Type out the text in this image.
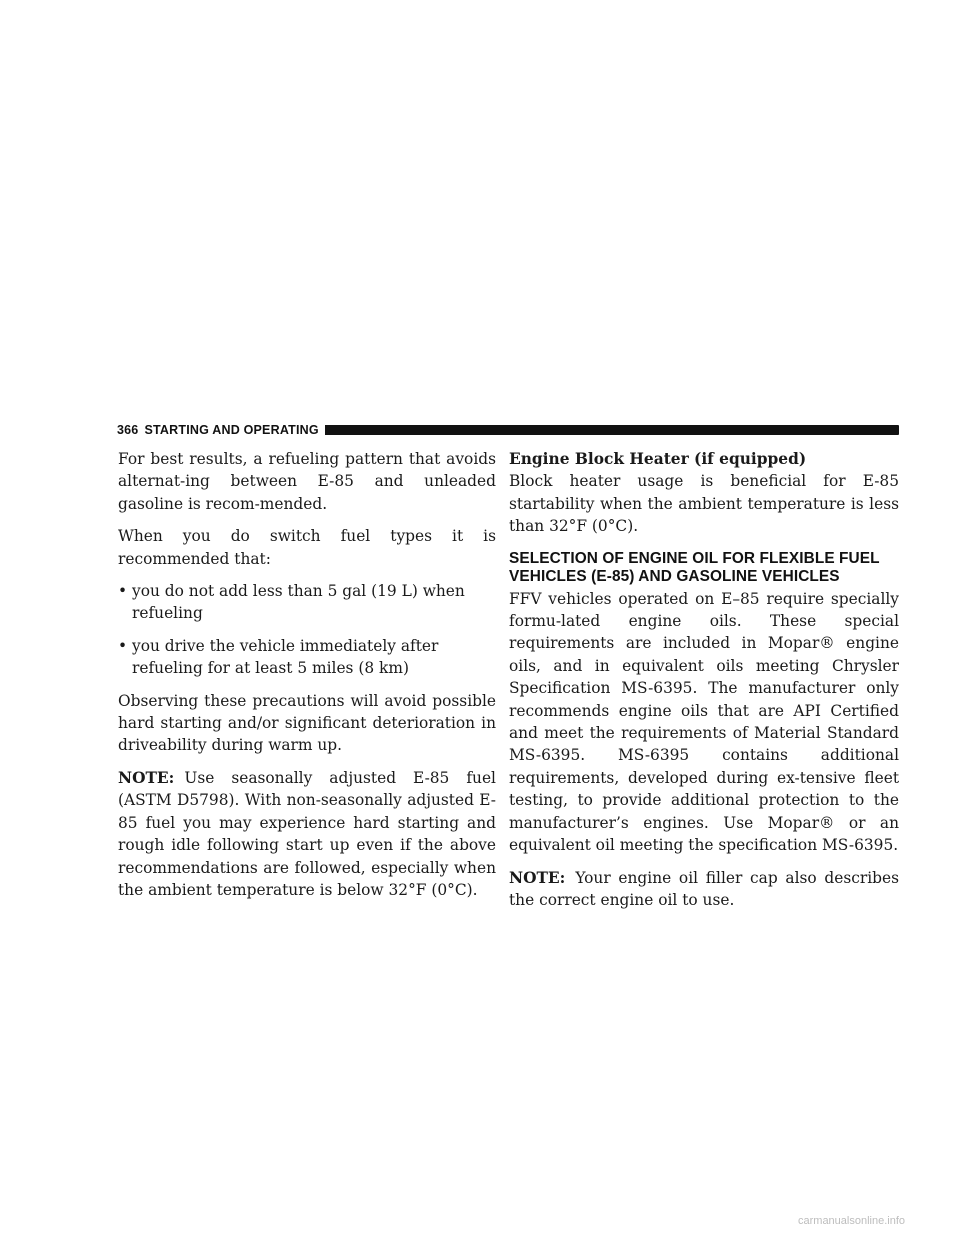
366 STARTING AND OPERATING

For best results, a refueling pattern that avoids alternat-ing between E-85 and unleaded gasoline is recom-mended.

When you do switch fuel types it is recommended that:

• you do not add less than 5 gal (19 L) when refueling
• you drive the vehicle immediately after refueling for at least 5 miles (8 km)

Observing these precautions will avoid possible hard starting and/or significant deterioration in driveability during warm up.

NOTE: Use seasonally adjusted E-85 fuel (ASTM D5798). With non-seasonally adjusted E-85 fuel you may experience hard starting and rough idle following start up even if the above recommendations are followed, especially when the ambient temperature is below 32°F (0°C).

Engine Block Heater (if equipped)

Block heater usage is beneficial for E-85 startability when the ambient temperature is less than 32°F (0°C).

SELECTION OF ENGINE OIL FOR FLEXIBLE FUEL VEHICLES (E-85) AND GASOLINE VEHICLES

FFV vehicles operated on E–85 require specially formu-lated engine oils. These special requirements are included in Mopar® engine oils, and in equivalent oils meeting Chrysler Specification MS-6395. The manufacturer only recommends engine oils that are API Certified and meet the requirements of Material Standard MS-6395. MS-6395 contains additional requirements, developed during ex-tensive fleet testing, to provide additional protection to the manufacturer’s engines. Use Mopar® or an equivalent oil meeting the specification MS-6395.

NOTE: Your engine oil filler cap also describes the correct engine oil to use.

carmanualsonline.info
